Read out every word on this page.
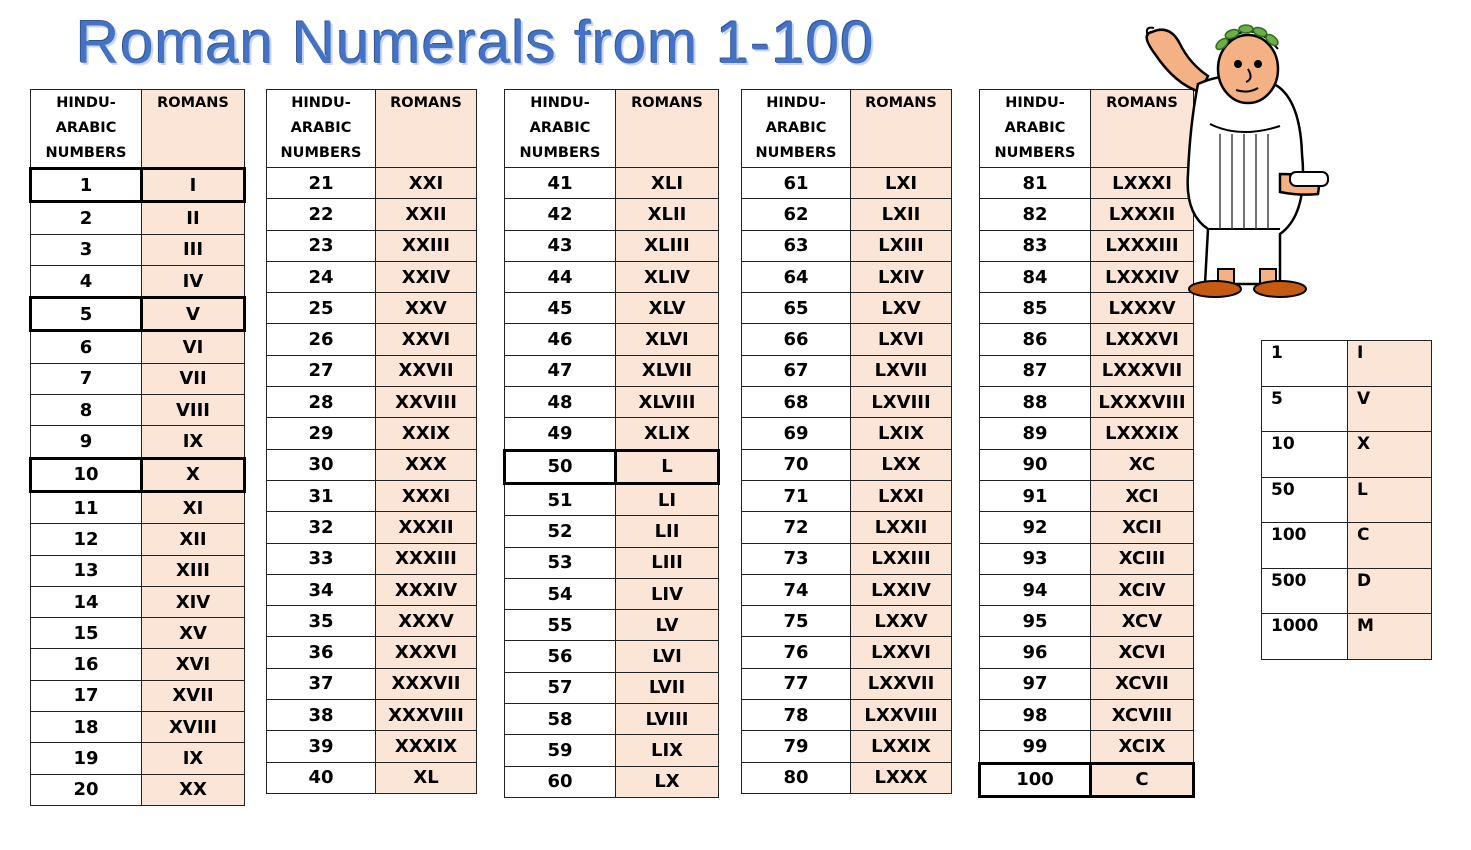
Roman Numerals from 1-100
HINDU-
ARABIC
NUMBERS	ROMANS
1	I
2	II
3	III
4	IV
5	V
6	VI
7	VII
8	VIII
9	IX
10	X
11	XI
12	XII
13	XIII
14	XIV
15	XV
16	XVI
17	XVII
18	XVIII
19	IX
20	XX
HINDU-
ARABIC
NUMBERS	ROMANS
21	XXI
22	XXII
23	XXIII
24	XXIV
25	XXV
26	XXVI
27	XXVII
28	XXVIII
29	XXIX
30	XXX
31	XXXI
32	XXXII
33	XXXIII
34	XXXIV
35	XXXV
36	XXXVI
37	XXXVII
38	XXXVIII
39	XXXIX
40	XL
HINDU-
ARABIC
NUMBERS	ROMANS
41	XLI
42	XLII
43	XLIII
44	XLIV
45	XLV
46	XLVI
47	XLVII
48	XLVIII
49	XLIX
50	L
51	LI
52	LII
53	LIII
54	LIV
55	LV
56	LVI
57	LVII
58	LVIII
59	LIX
60	LX
HINDU-
ARABIC
NUMBERS	ROMANS
61	LXI
62	LXII
63	LXIII
64	LXIV
65	LXV
66	LXVI
67	LXVII
68	LXVIII
69	LXIX
70	LXX
71	LXXI
72	LXXII
73	LXXIII
74	LXXIV
75	LXXV
76	LXXVI
77	LXXVII
78	LXXVIII
79	LXXIX
80	LXXX
HINDU-
ARABIC
NUMBERS	ROMANS
81	LXXXI
82	LXXXII
83	LXXXIII
84	LXXXIV
85	LXXXV
86	LXXXVI
87	LXXXVII
88	LXXXVIII
89	LXXXIX
90	XC
91	XCI
92	XCII
93	XCIII
94	XCIV
95	XCV
96	XCVI
97	XCVII
98	XCVIII
99	XCIX
100	C
1	I
5	V
10	X
50	L
100	C
500	D
1000	M
